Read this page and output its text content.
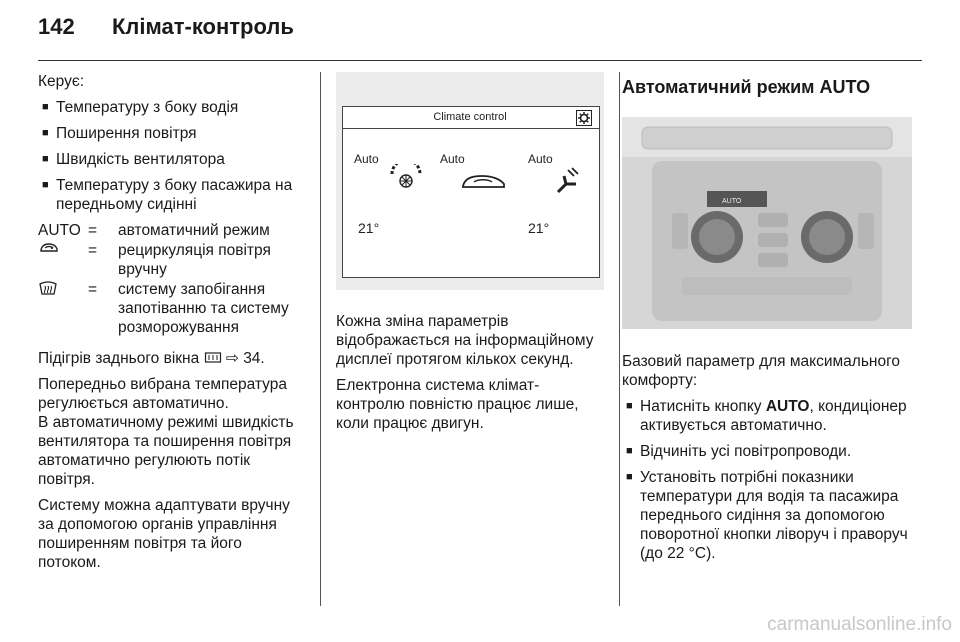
142	Клімат-контроль

Керує:

■ Температуру з боку водія
■ Поширення повітря
■ Швидкість вентилятора
■ Температуру з боку пасажира на передньому сидінні
AUTO =	автоматичний режим
=	рециркуляція повітря вручну
=	систему запобігання запотіванню та систему розморожування

Підігрів заднього вікна ⇨ 34.

Попередньо вибрана температура регулюється автоматично.

В автоматичному режимі швидкість вентилятора та поширення повітря автоматично регулюють потік повітря.

Систему можна адаптувати вручну за допомогою органів управління поширенням повітря та його потоком.

Climate control
Auto	Auto	Auto
21°	21°

Кожна зміна параметрів відображається на інформаційному дисплеї протягом кількох секунд.

Електронна система клімат-контролю повністю працює лише, коли працює двигун.

Автоматичний режим AUTO
AUTO

Базовий параметр для максимального комфорту:

■ Натисніть кнопку AUTO, кондиціонер активується автоматично.
■ Відчиніть усі повітропроводи.
■ Установіть потрібні показники температури для водія та пасажира переднього сидіння за допомогою поворотної кнопки ліворуч і праворуч (до 22 °C).
carmanualsonline.info
